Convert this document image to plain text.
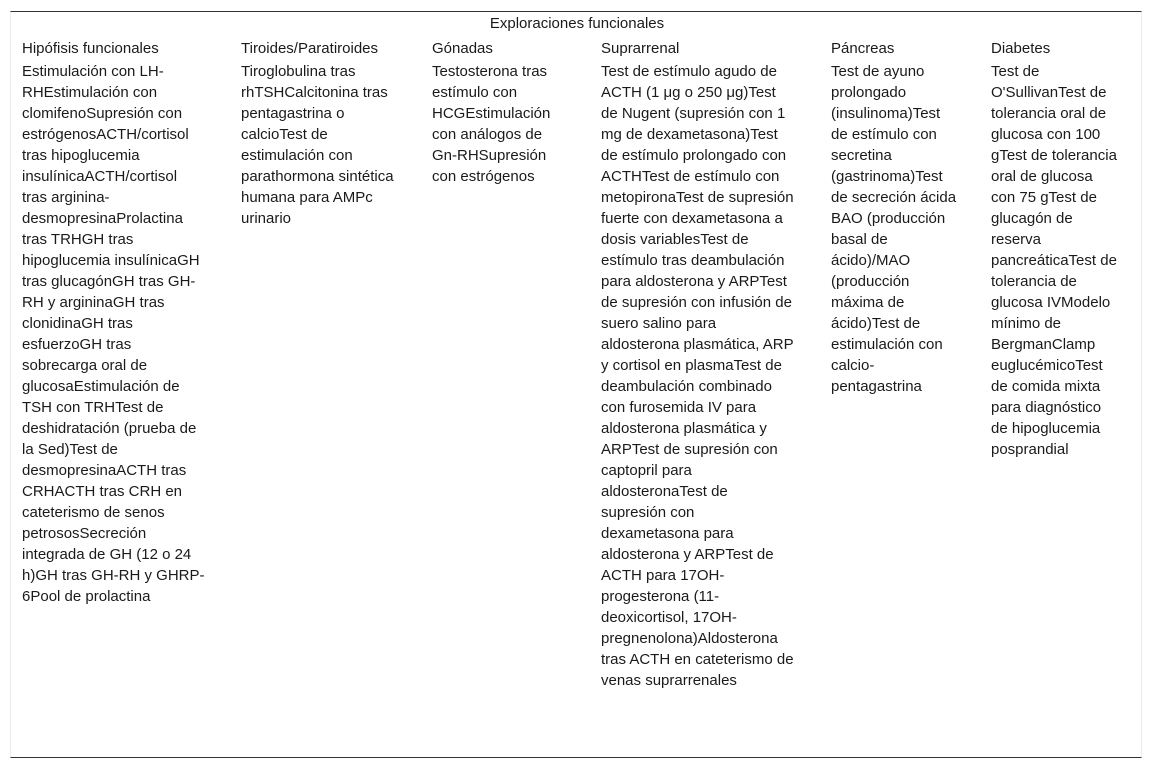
Exploraciones funcionales
Hipófisis funcionales
Estimulación con LH-RHEstimulación con clomifenoSupresión con estrógenosACTH/cortisol tras hipoglucemia insulínicaACTH/cortisol tras arginina-desmopresinaProlactina tras TRHGH tras hipoglucemia insulínicaGH tras glucagónGH tras GH-RH y argininaGH tras clonidinaGH tras esfuerzoGH tras sobrecarga oral de glucosaEstimulación de TSH con TRHTest de deshidratación (prueba de la Sed)Test de desmopresinaACTH tras CRHACTH tras CRH en cateterismo de senos petrososSecreción integrada de GH (12 o 24 h)GH tras GH-RH y GHRP-6Pool de prolactina
Tiroides/Paratiroides
Tiroglobulina tras rhTSHCalcitonina tras pentagastrina o calcioTest de estimulación con parathormona sintética humana para AMPc urinario
Gónadas
Testosterona tras estímulo con HCGEstimulación con análogos de Gn-RHSupresión con estrógenos
Suprarrenal
Test de estímulo agudo de ACTH (1 μg o 250 μg)Test de Nugent (supresión con 1 mg de dexametasona)Test de estímulo prolongado con ACTHTest de estímulo con metopironaTest de supresión fuerte con dexametasona a dosis variablesTest de estímulo tras deambulación para aldosterona y ARPTest de supresión con infusión de suero salino para aldosterona plasmática, ARP y cortisol en plasmaTest de deambulación combinado con furosemida IV para aldosterona plasmática y ARPTest de supresión con captopril para aldosteronaTest de supresión con dexametasona para aldosterona y ARPTest de ACTH para 17OH-progesterona (11-deoxicortisol, 17OH-pregnenolona)Aldosterona tras ACTH en cateterismo de venas suprarrenales
Páncreas
Test de ayuno prolongado (insulinoma)Test de estímulo con secretina (gastrinoma)Test de secreción ácida BAO (producción basal de ácido)/MAO (producción máxima de ácido)Test de estimulación con calcio-pentagastrina
Diabetes
Test de O'SullivanTest de tolerancia oral de glucosa con 100 gTest de tolerancia oral de glucosa con 75 gTest de glucagón de reserva pancreáticaTest de tolerancia de glucosa IVModelo mínimo de BergmanClamp euglucémicoTest de comida mixta para diagnóstico de hipoglucemia posprandial
